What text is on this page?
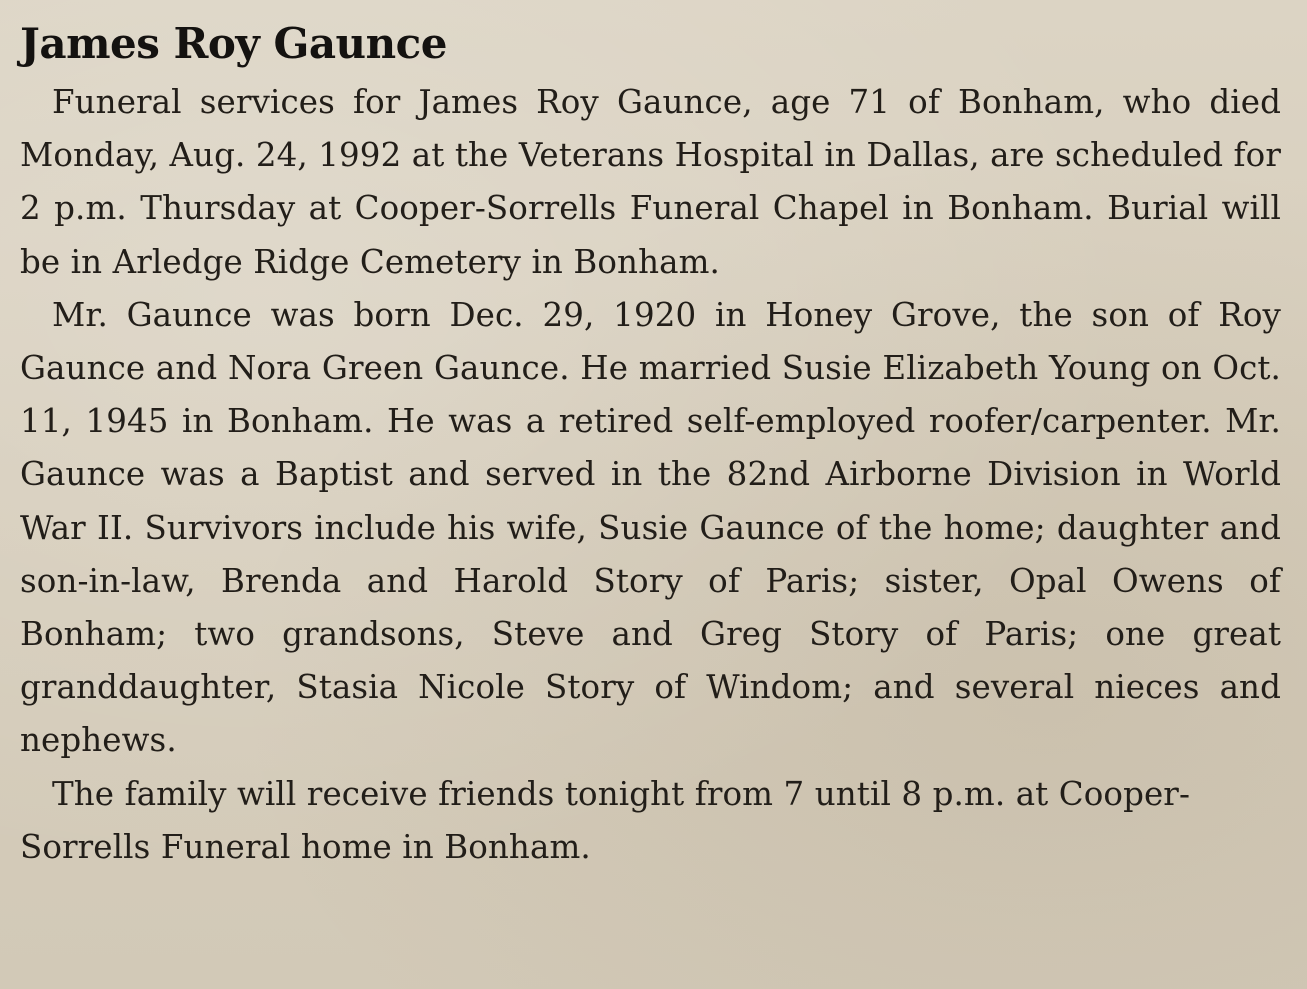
James Roy Gaunce

Funeral services for James Roy Gaunce, age 71 of Bonham, who died Monday, Aug. 24, 1992 at the Veterans Hospital in Dallas, are scheduled for 2 p.m. Thursday at Cooper-Sorrells Funeral Chapel in Bonham. Burial will be in Arledge Ridge Cemetery in Bonham.

Mr. Gaunce was born Dec. 29, 1920 in Honey Grove, the son of Roy Gaunce and Nora Green Gaunce. He married Susie Elizabeth Young on Oct. 11, 1945 in Bonham. He was a retired self-employed roofer/carpenter. Mr. Gaunce was a Baptist and served in the 82nd Airborne Division in World War II. Survivors include his wife, Susie Gaunce of the home; daughter and son-in-law, Brenda and Harold Story of Paris; sister, Opal Owens of Bonham; two grandsons, Steve and Greg Story of Paris; one great granddaughter, Stasia Nicole Story of Windom; and several nieces and nephews.

The family will receive friends tonight from 7 until 8 p.m. at Cooper-Sorrells Funeral home in Bonham.
